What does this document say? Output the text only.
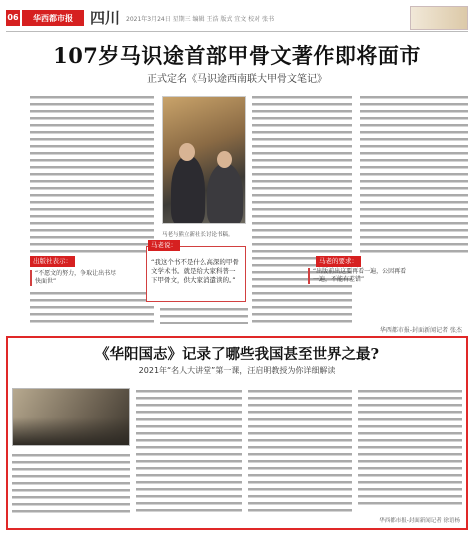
06	华西都市报	四川 2021年3月24日 星期三 编辑 王浩 版式 宜文 校对 张书
107岁马识途首部甲骨文著作即将面市
正式定名《马识途西南联大甲骨文笔记》
马老与熊立新社长讨论书稿。
出版社表示：
“不愿文的努力，争取让出书尽快面世”
“我这个书不是什么高深的甲骨文学术书。就是给大家科普一下甲骨文，供大家消遣读的。”
马老说：
马老的要求：
“出版前出这要再看一遍，公因再看一遍，不能有差错”
华西都市报-封面新闻记者 张杰
《华阳国志》记录了哪些我国甚至世界之最?
2021年“名人大讲堂”第一课，汪启明教授为你详细解读
华西都市报-封面新闻记者 徐语杨
